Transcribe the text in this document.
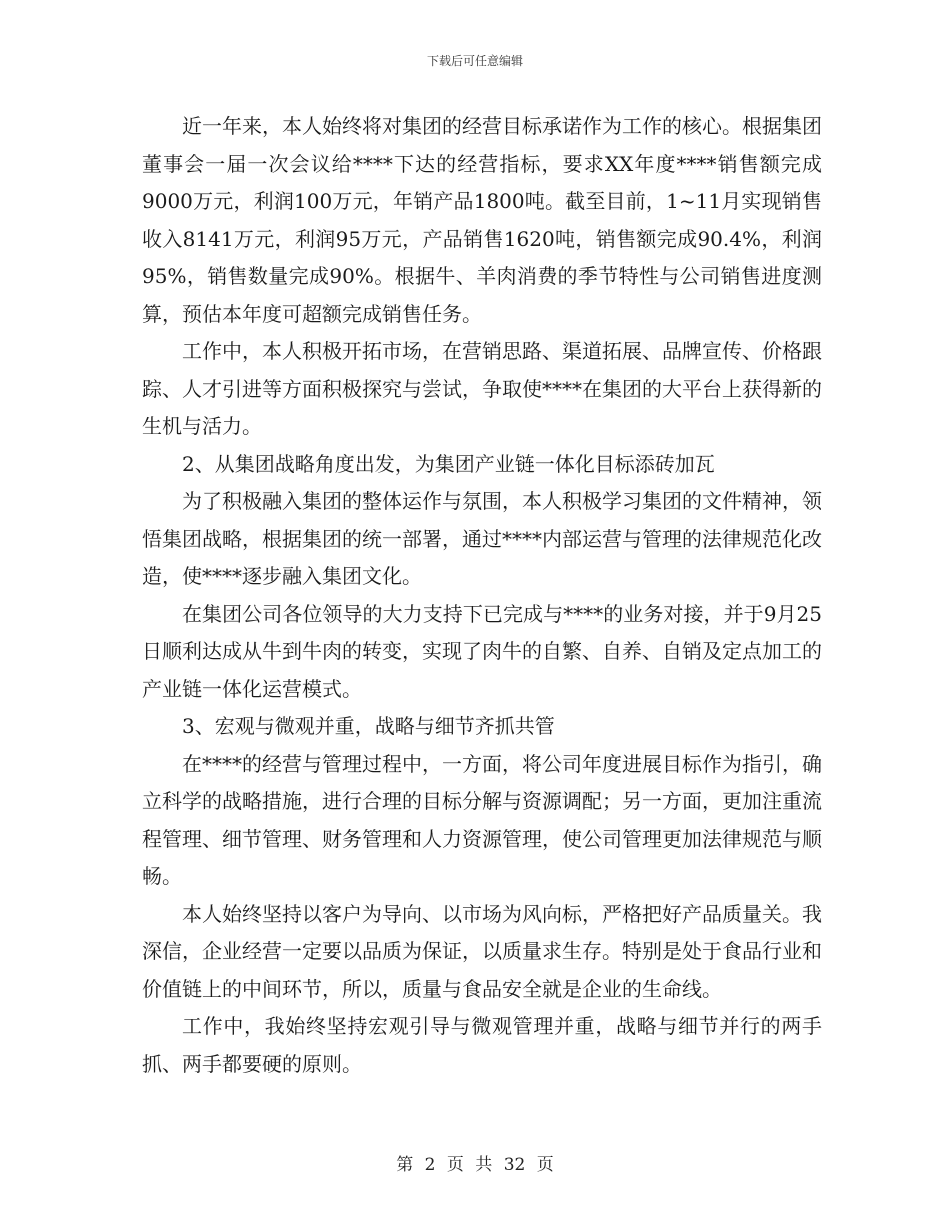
下载后可任意编辑

近一年来，本人始终将对集团的经营目标承诺作为工作的核心。根据集团董事会一届一次会议给****下达的经营指标，要求XX年度****销售额完成9000万元，利润100万元，年销产品1800吨。截至目前，1~11月实现销售收入8141万元，利润95万元，产品销售1620吨，销售额完成90.4%，利润95%，销售数量完成90%。根据牛、羊肉消费的季节特性与公司销售进度测算，预估本年度可超额完成销售任务。

工作中，本人积极开拓市场，在营销思路、渠道拓展、品牌宣传、价格跟踪、人才引进等方面积极探究与尝试，争取使****在集团的大平台上获得新的生机与活力。

2、从集团战略角度出发，为集团产业链一体化目标添砖加瓦

为了积极融入集团的整体运作与氛围，本人积极学习集团的文件精神，领悟集团战略，根据集团的统一部署，通过****内部运营与管理的法律规范化改造，使****逐步融入集团文化。

在集团公司各位领导的大力支持下已完成与****的业务对接，并于9月25日顺利达成从牛到牛肉的转变，实现了肉牛的自繁、自养、自销及定点加工的产业链一体化运营模式。

3、宏观与微观并重，战略与细节齐抓共管

在****的经营与管理过程中，一方面，将公司年度进展目标作为指引，确立科学的战略措施，进行合理的目标分解与资源调配；另一方面，更加注重流程管理、细节管理、财务管理和人力资源管理，使公司管理更加法律规范与顺畅。

本人始终坚持以客户为导向、以市场为风向标，严格把好产品质量关。我深信，企业经营一定要以品质为保证，以质量求生存。特别是处于食品行业和价值链上的中间环节，所以，质量与食品安全就是企业的生命线。

工作中，我始终坚持宏观引导与微观管理并重，战略与细节并行的两手抓、两手都要硬的原则。

第 2 页 共 32 页
